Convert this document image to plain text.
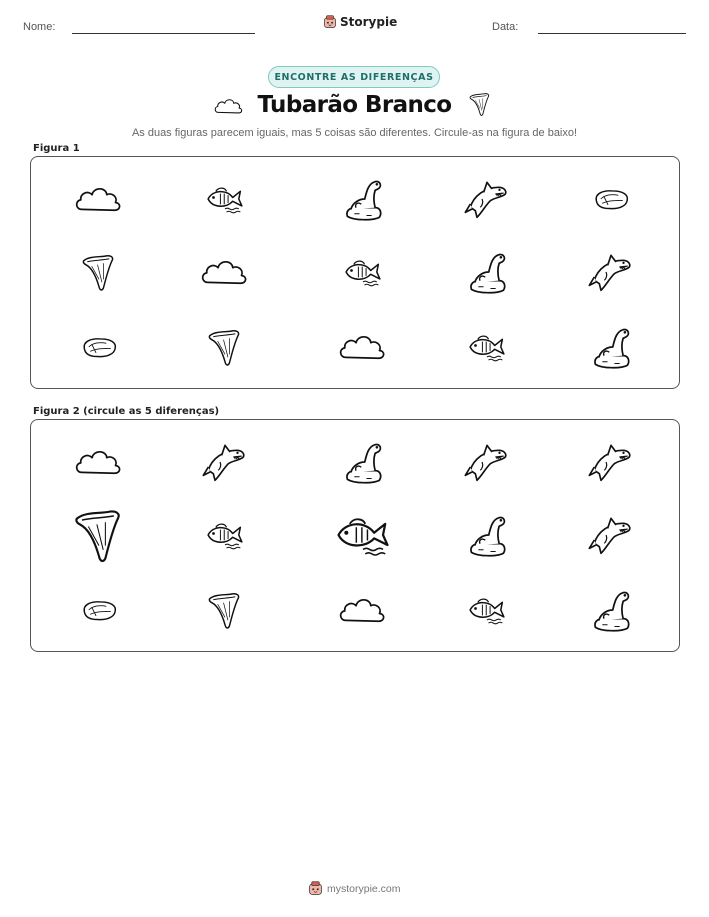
Nome:	Storypie	Data:
ENCONTRE AS DIFERENÇAS
Tubarão Branco
As duas figuras parecem iguais, mas 5 coisas são diferentes. Circule-as na figura de baixo!
Figura 1
Figura 2 (circule as 5 diferenças)
mystorypie.com
